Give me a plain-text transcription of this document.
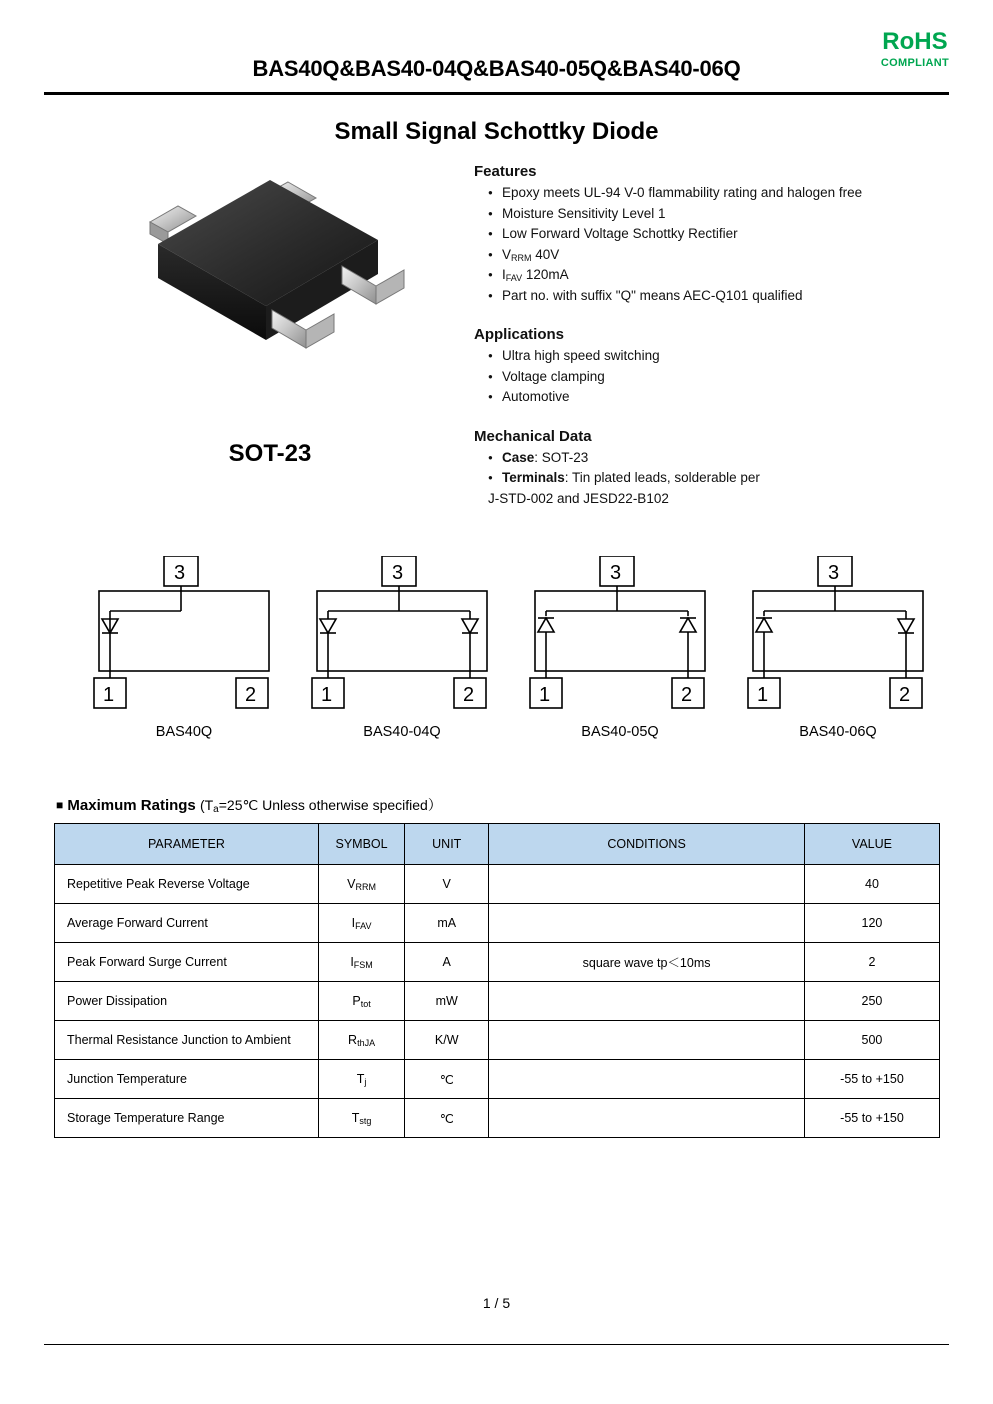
RoHS
COMPLIANT
BAS40Q&BAS40-04Q&BAS40-05Q&BAS40-06Q
Small Signal Schottky Diode
SOT-23
Features
● Epoxy meets UL-94 V-0 flammability rating and halogen free
● Moisture Sensitivity Level 1
● Low Forward Voltage Schottky Rectifier
● $V_{RRM}$ 40V
● $I_{FAV}$ 120mA
● Part no. with suffix "Q" means AEC-Q101 qualified
Applications
● Ultra high speed switching
● Voltage clamping
● Automotive
Mechanical Data
● Case: SOT-23
● Terminals: Tin plated leads, solderable per
J-STD-002 and JESD22-B102
3
1	2
BAS40Q
3
1	2
BAS40-04Q
3
1	2
BAS40-05Q
3
1	2
BAS40-06Q
■ Maximum Ratings ($T_a=25℃$ Unless otherwise specified）
PARAMETER	SYMBOL	UNIT	CONDITIONS	VALUE
Repetitive Peak Reverse Voltage	$V_{RRM}$	V		40
Average Forward Current	$I_{FAV}$	mA		120
Peak Forward Surge Current	$I_{FSM}$	A	square wave tp＜10ms	2
Power Dissipation	$P_{tot}$	mW		250
Thermal Resistance Junction to Ambient	$R_{thJA}$	K/W		500
Junction Temperature	$T_j$	℃		-55 to +150
Storage Temperature Range	$T_{stg}$	℃		-55 to +150
1 / 5
